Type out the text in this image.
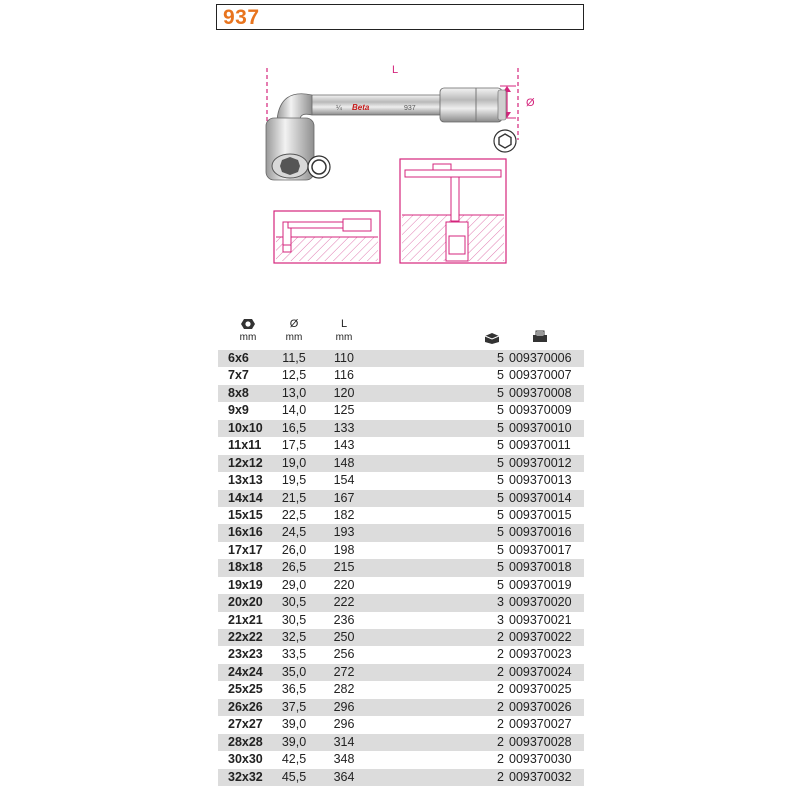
937
L
Ø
Beta
¼	937
mm
Ø
mm
L
mm
6x6	11,5	110	5 009370006
7x7	12,5	116	5 009370007
8x8	13,0	120	5 009370008
9x9	14,0	125	5 009370009
10x10	16,5	133	5 009370010
11x11	17,5	143	5 009370011
12x12	19,0	148	5 009370012
13x13	19,5	154	5 009370013
14x14	21,5	167	5 009370014
15x15	22,5	182	5 009370015
16x16	24,5	193	5 009370016
17x17	26,0	198	5 009370017
18x18	26,5	215	5 009370018
19x19	29,0	220	5 009370019
20x20	30,5	222	3 009370020
21x21	30,5	236	3 009370021
22x22	32,5	250	2 009370022
23x23	33,5	256	2 009370023
24x24	35,0	272	2 009370024
25x25	36,5	282	2 009370025
26x26	37,5	296	2 009370026
27x27	39,0	296	2 009370027
28x28	39,0	314	2 009370028
30x30	42,5	348	2 009370030
32x32	45,5	364	2 009370032
